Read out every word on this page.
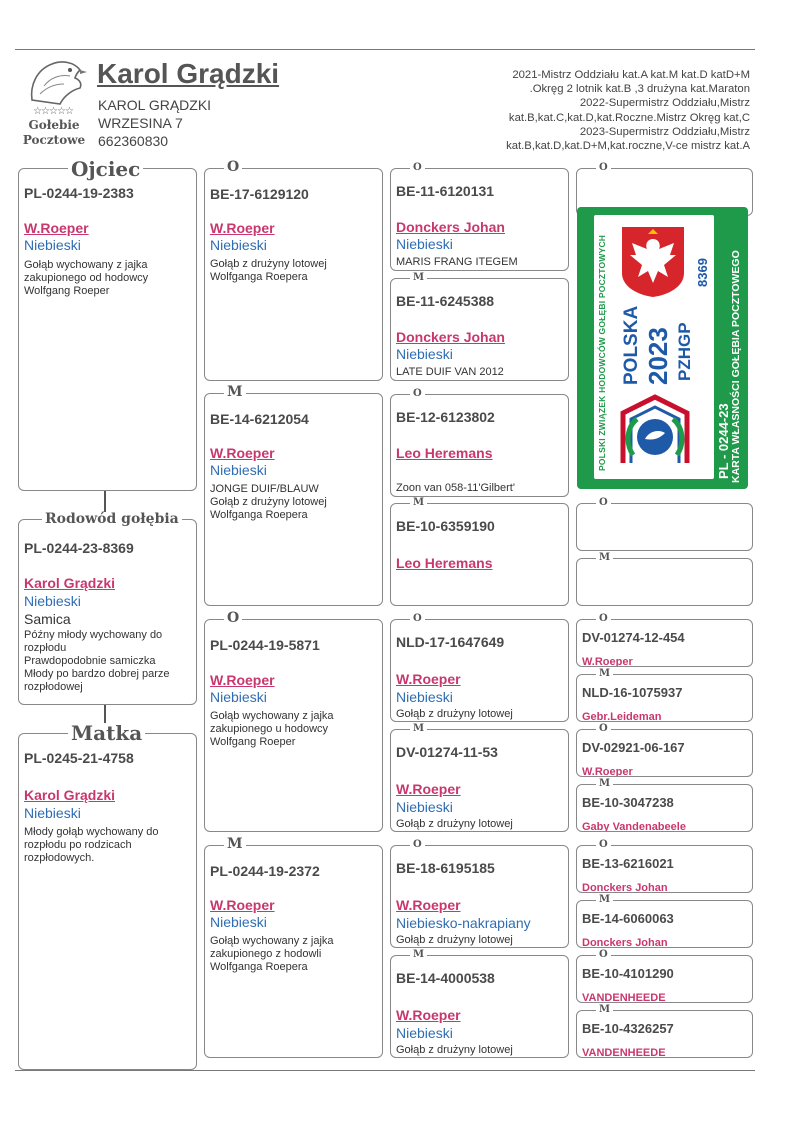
☆☆☆☆☆
Gołebie
Pocztowe
Karol Grądzki
KAROL GRĄDZKI
WRZESINA 7
662360830
2021-Mistrz Oddziału kat.A kat.M kat.D katD+M
.Okręg 2 lotnik kat.B ,3 drużyna kat.Maraton
2022-Supermistrz Oddziału,Mistrz
kat.B,kat.C,kat.D,kat.Roczne.Mistrz Okręg kat,C
2023-Supermistrz Oddziału,Mistrz
kat.B,kat.D,kat.D+M,kat.roczne,V-ce mistrz kat.A
PL-0244-19-2383
W.Roeper
Niebieski
Gołąb wychowany z jajka zakupionego od hodowcy Wolfgang Roeper
Ojciec
PL-0244-23-8369
Karol Grądzki
Niebieski
Samica
Późny młody wychowany do rozpłodu
Prawdopodobnie samiczka
Młody po bardzo dobrej parze rozpłodowej
Rodowód gołębia
PL-0245-21-4758
Karol Grądzki
Niebieski
Młody gołąb wychowany do rozpłodu po rodzicach rozpłodowych.
Matka
BE-17-6129120
W.Roeper
Niebieski
Gołąb z drużyny lotowej Wolfganga Roepera
O
BE-14-6212054
W.Roeper
Niebieski
JONGE DUIF/BLAUW
Gołąb z drużyny lotowej Wolfganga Roepera
M
PL-0244-19-5871
W.Roeper
Niebieski
Gołąb wychowany z jajka zakupionego u hodowcy Wolfgang Roeper
O
PL-0244-19-2372
W.Roeper
Niebieski
Gołąb wychowany z jajka zakupionego z hodowli Wolfganga Roepera
M
BE-11-6120131
Donckers Johan
Niebieski
MARIS FRANG ITEGEM
O
BE-11-6245388
Donckers Johan
Niebieski
LATE DUIF VAN 2012
M
BE-12-6123802
Leo Heremans
Zoon van 058-11'Gilbert'
O
BE-10-6359190
Leo Heremans
M
NLD-17-1647649
W.Roeper
Niebieski
Gołąb z drużyny lotowej
O
DV-01274-11-53
W.Roeper
Niebieski
Gołąb z drużyny lotowej
M
BE-18-6195185
W.Roeper
Niebiesko-nakrapiany
Gołąb z drużyny lotowej
O
BE-14-4000538
W.Roeper
Niebieski
Gołąb z drużyny lotowej
M
O
O
M
DV-01274-12-454
W.Roeper
O
NLD-16-1075937
Gebr.Leideman
M
DV-02921-06-167
W.Roeper
O
BE-10-3047238
Gaby Vandenabeele
M
BE-13-6216021
Donckers Johan
O
BE-14-6060063
Donckers Johan
M
BE-10-4101290
VANDENHEEDE
O
BE-10-4326257
VANDENHEEDE
M
POLSKI ZWIĄZEK HODOWCÓW GOŁĘBI POCZTOWYCH POLSKA 2023 PZHGP
8369
PL - 0244-23 KARTA WŁASNOŚCI GOŁĘBIA POCZTOWEGO
